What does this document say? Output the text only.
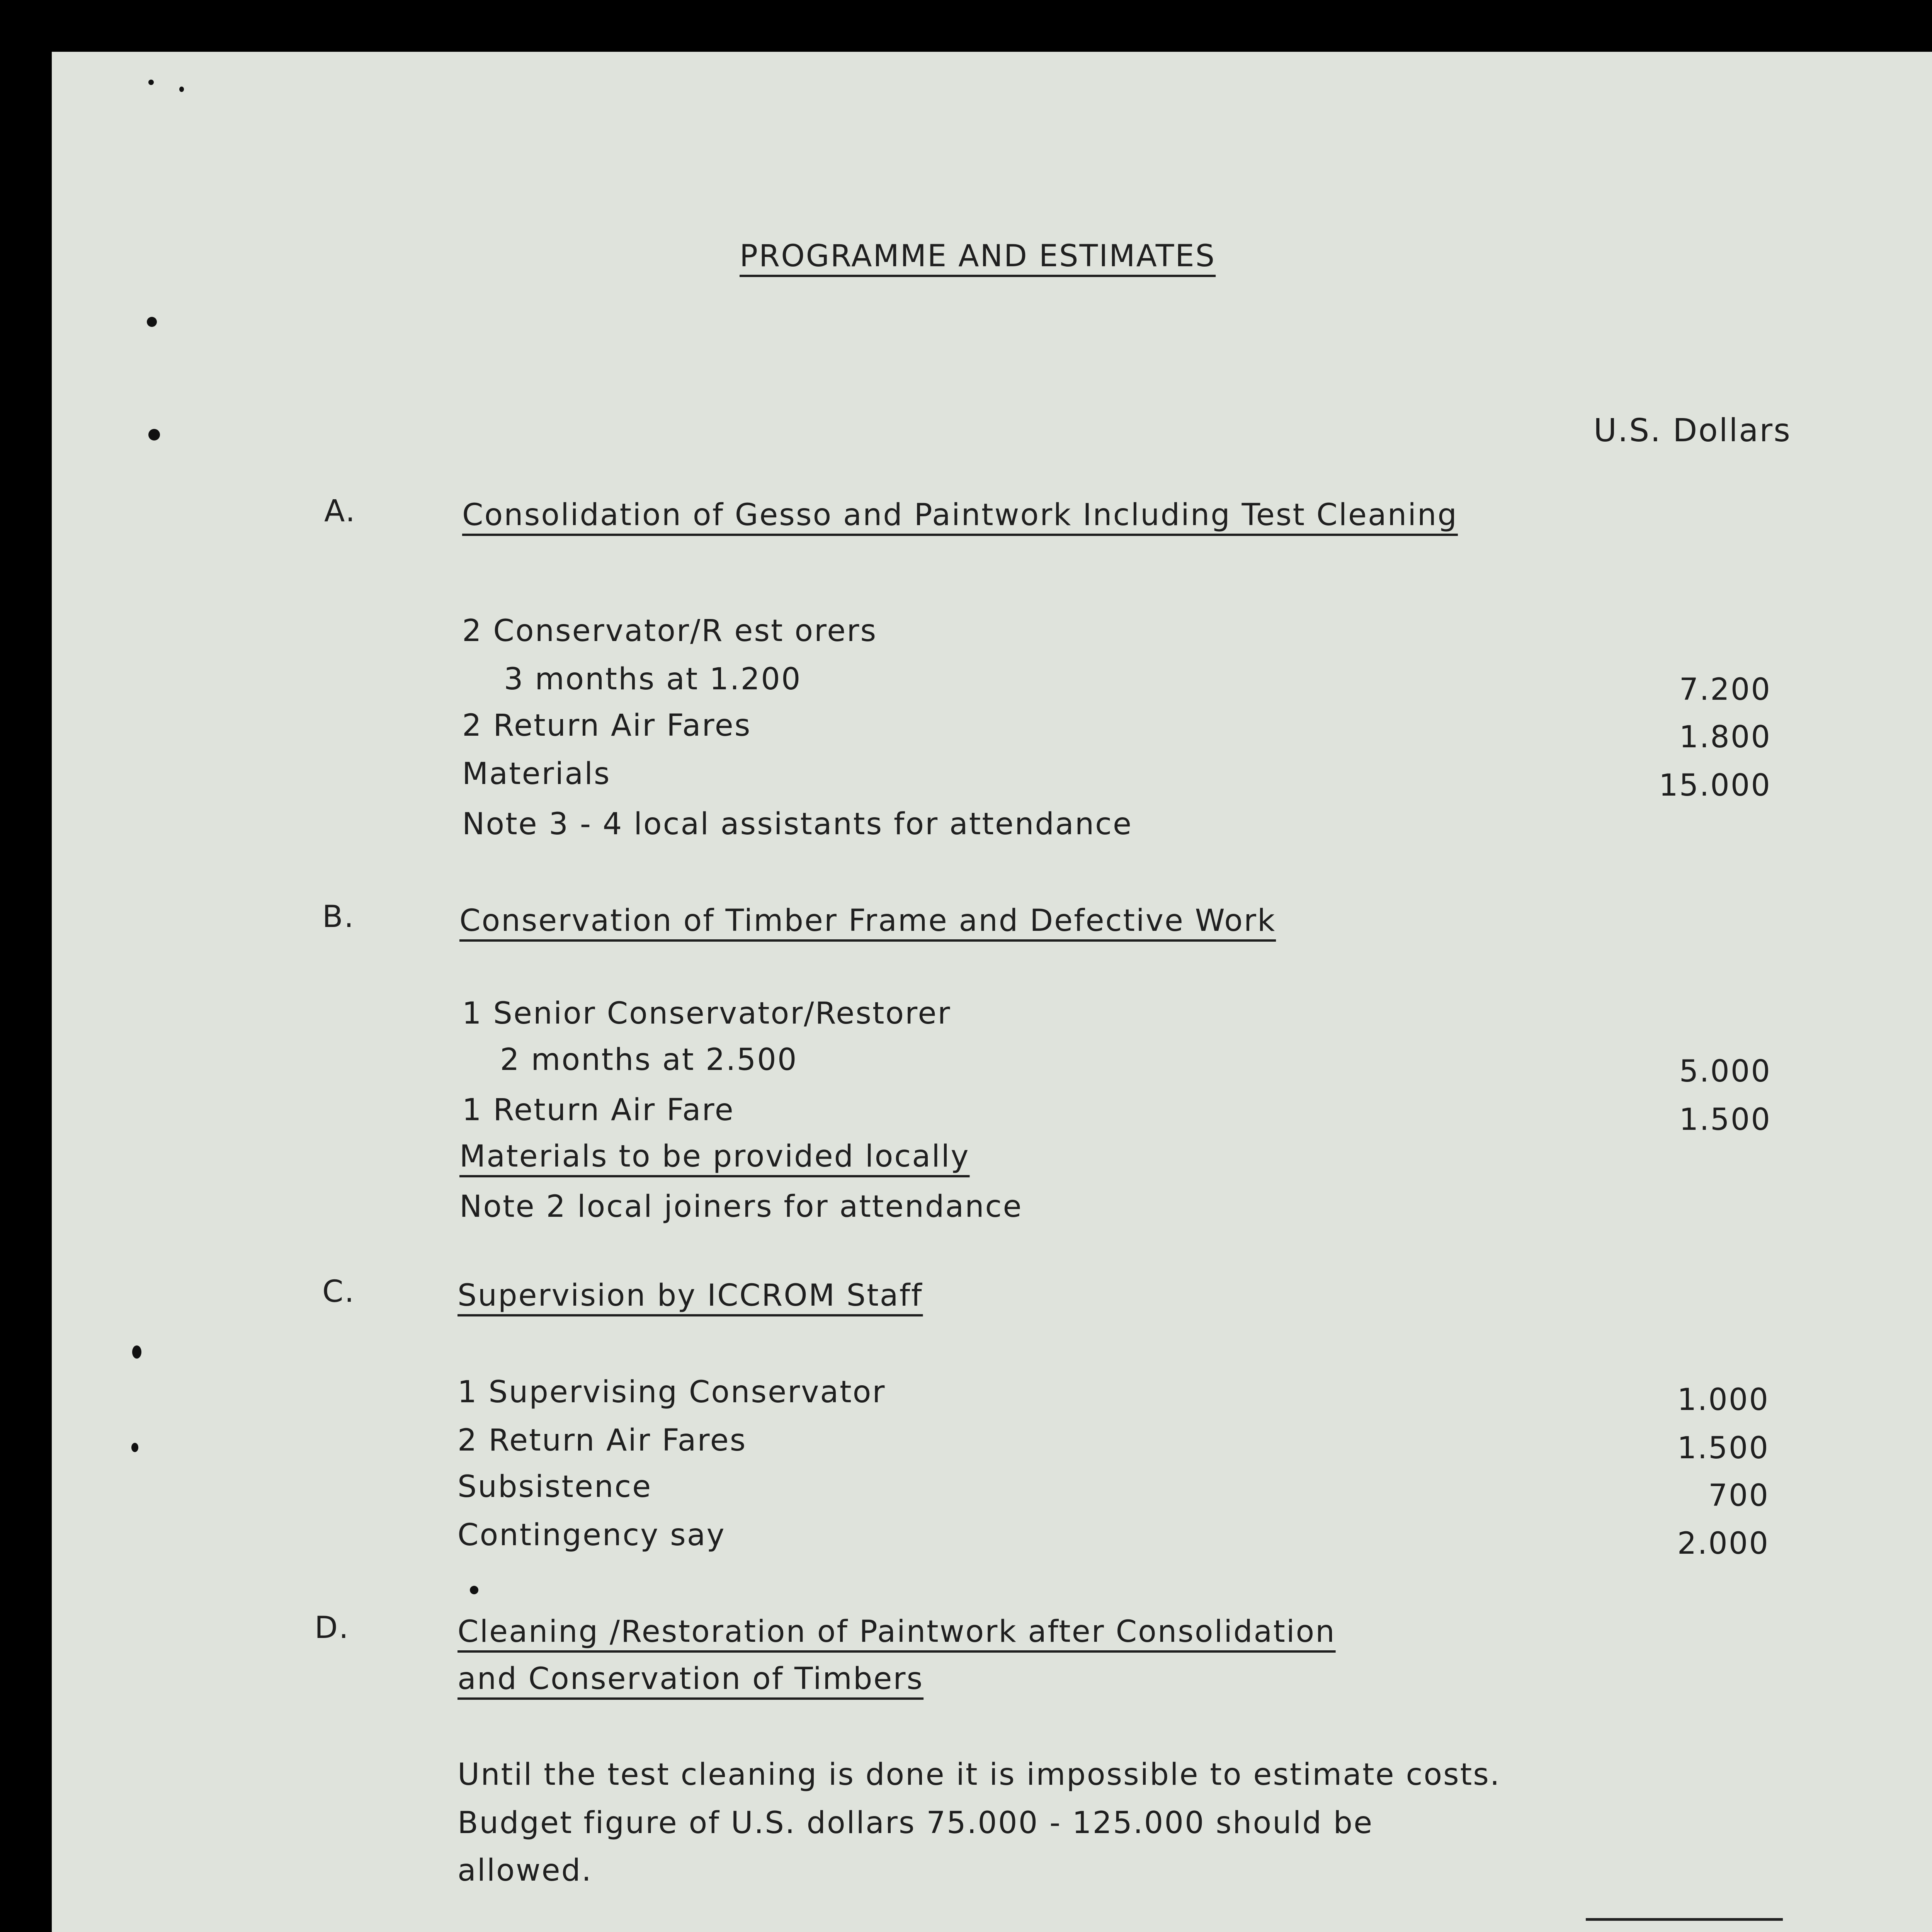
PROGRAMME AND ESTIMATES
U.S. Dollars
A.	Consolidation of Gesso and Paintwork Including Test Cleaning
2 Conservator/R est orers
3 months at 1.200	7.200
2 Return Air Fares	1.800
Materials	15.000
Note 3 - 4 local assistants for attendance
B.	Conservation of Timber Frame and Defective Work
1 Senior Conservator/Restorer
2 months at 2.500	5.000
1 Return Air Fare	1.500
Materials to be provided locally
Note 2 local joiners for attendance
C.	Supervision by ICCROM Staff
1 Supervising Conservator	1.000
2 Return Air Fares	1.500
Subsistence	700
Contingency say	2.000
D.	Cleaning /Restoration of Paintwork after Consolidation
and Conservation of Timbers
Until the test cleaning is done it is impossible to estimate costs.
Budget figure of U.S. dollars 75.000 - 125.000 should be
allowed.
